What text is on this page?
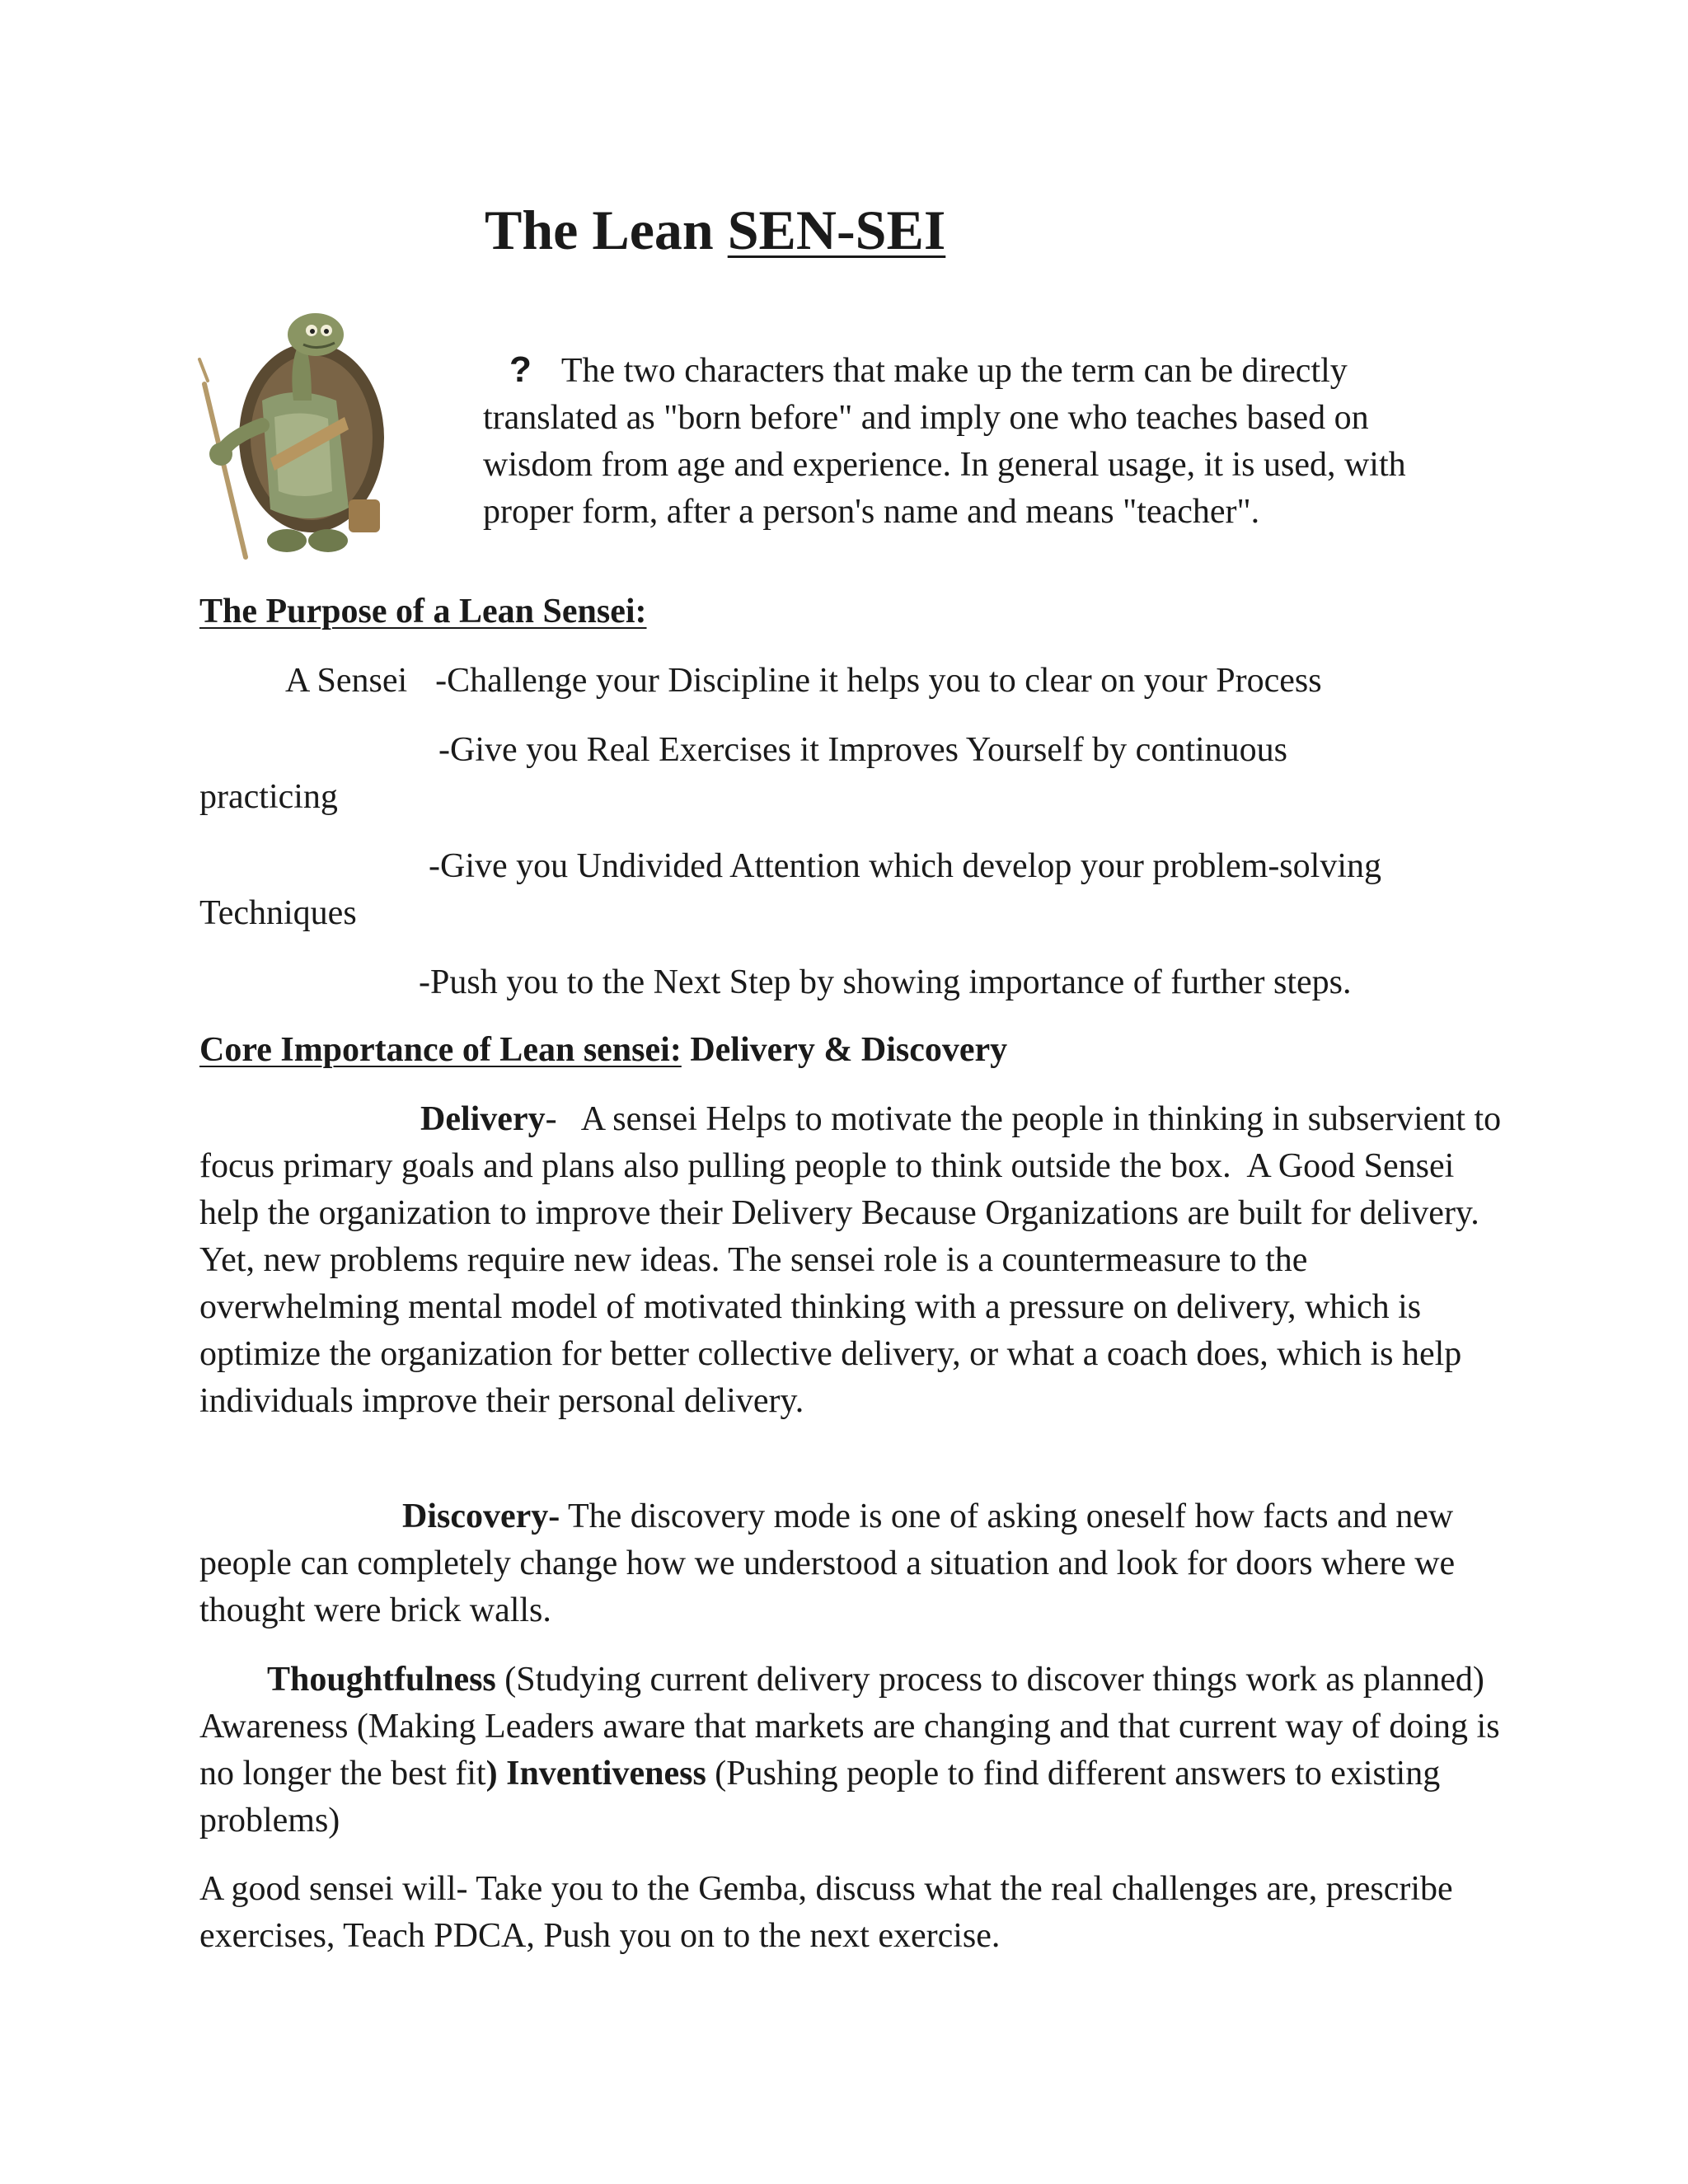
The Lean SEN-SEI

? The two characters that make up the term can be directly translated as "born before" and imply one who teaches based on wisdom from age and experience. In general usage, it is used, with proper form, after a person's name and means "teacher".

The Purpose of a Lean Sensei:

A Sensei -Challenge your Discipline it helps you to clear on your Process

-Give you Real Exercises it Improves Yourself by continuous

practicing

-Give you Undivided Attention which develop your problem-solving

Techniques

-Push you to the Next Step by showing importance of further steps.

Core Importance of Lean sensei: Delivery & Discovery

Delivery-   A sensei Helps to motivate the people in thinking in subservient to focus primary goals and plans also pulling people to think outside the box.  A Good Sensei help the organization to improve their Delivery Because Organizations are built for delivery. Yet, new problems require new ideas. The sensei role is a countermeasure to the overwhelming mental model of motivated thinking with a pressure on delivery, which is optimize the organization for better collective delivery, or what a coach does, which is help individuals improve their personal delivery.

Discovery- The discovery mode is one of asking oneself how facts and new people can completely change how we understood a situation and look for doors where we thought were brick walls.

Thoughtfulness (Studying current delivery process to discover things work as planned) Awareness (Making Leaders aware that markets are changing and that current way of doing is no longer the best fit) Inventiveness (Pushing people to find different answers to existing problems)

A good sensei will- Take you to the Gemba, discuss what the real challenges are, prescribe exercises, Teach PDCA, Push you on to the next exercise.
